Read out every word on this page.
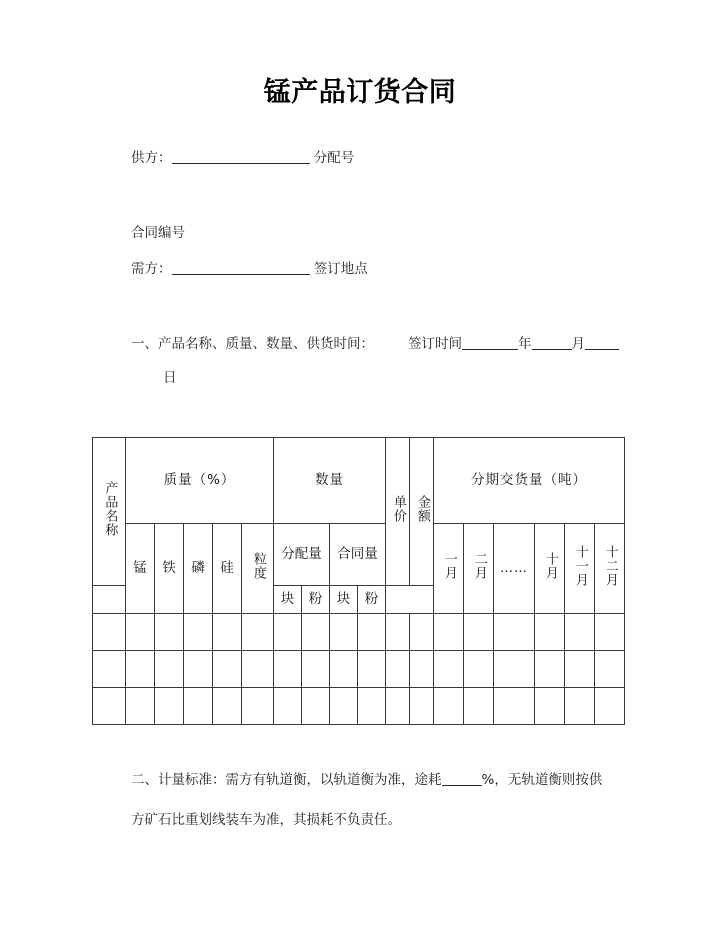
锰产品订货合同
供方：	分配号
合同编号
需方：	签订地点
一、产品名称、质量、数量、供货时间：	签订时间	年	月
日
产品名称	质量（%）					数量				单价	金额	分期交货量（吨）					
	锰	铁	磷	硅	粒度	分配量		合同量				一月	二月	……	十月	十一月	十二月
						块	粉	块	粉								

二、计量标准：需方有轨道衡，以轨道衡为准，途耗	%，无轨道衡则按供
方矿石比重划线装车为准，其损耗不负责任。
